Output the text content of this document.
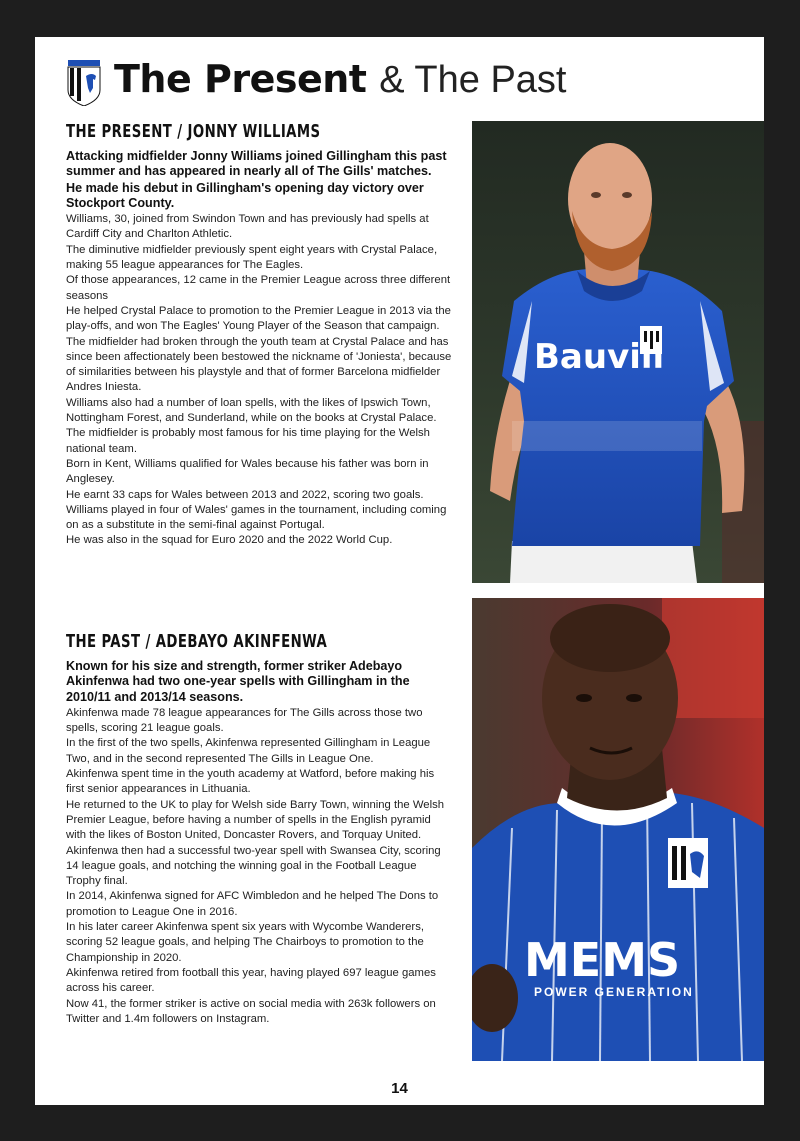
The Present & The Past
THE PRESENT / JONNY WILLIAMS

Attacking midfielder Jonny Williams joined Gillingham this past summer and has appeared in nearly all of The Gills' matches.

He made his debut in Gillingham's opening day victory over Stockport County.

Williams, 30, joined from Swindon Town and has previously had spells at Cardiff City and Charlton Athletic.

The diminutive midfielder previously spent eight years with Crystal Palace, making 55 league appearances for The Eagles.

Of those appearances, 12 came in the Premier League across three different seasons

He helped Crystal Palace to promotion to the Premier League in 2013 via the play-offs, and won The Eagles' Young Player of the Season that campaign.

The midfielder had broken through the youth team at Crystal Palace and has since been affectionately been bestowed the nickname of 'Joniesta', because of similarities between his playstyle and that of former Barcelona midfielder Andres Iniesta.

Williams also had a number of loan spells, with the likes of Ipswich Town, Nottingham Forest, and Sunderland, while on the books at Crystal Palace.

The midfielder is probably most famous for his time playing for the Welsh national team.

Born in Kent, Williams qualified for Wales because his father was born in Anglesey.

He earnt 33 caps for Wales between 2013 and 2022, scoring two goals.

Williams played in four of Wales' games in the tournament, including coming on as a substitute in the semi-final against Portugal.

He was also in the squad for Euro 2020 and the 2022 World Cup.

THE PAST / ADEBAYO AKINFENWA

Known for his size and strength, former striker Adebayo Akinfenwa had two one-year spells with Gillingham in the 2010/11 and 2013/14 seasons.

Akinfenwa made 78 league appearances for The Gills across those two spells, scoring 21 league goals.

In the first of the two spells, Akinfenwa represented Gillingham in League Two, and in the second represented The Gills in League One.

Akinfenwa spent time in the youth academy at Watford, before making his first senior appearances in Lithuania.

He returned to the UK to play for Welsh side Barry Town, winning the Welsh Premier League, before having a number of spells in the English pyramid with the likes of Boston United, Doncaster Rovers, and Torquay United.

Akinfenwa then had a successful two-year spell with Swansea City, scoring 14 league goals, and notching the winning goal in the Football League Trophy final.

In 2014, Akinfenwa signed for AFC Wimbledon and he helped The Dons to promotion to League One in 2016.

In his later career Akinfenwa spent six years with Wycombe Wanderers, scoring 52 league goals, and helping The Chairboys to promotion to the Championship in 2020.

Akinfenwa retired from football this year, having played 697 league games across his career.

Now 41, the former striker is active on social media with 263k followers on Twitter and 1.4m followers on Instagram.

Bauvill
MEMS
POWER GENERATION
14
